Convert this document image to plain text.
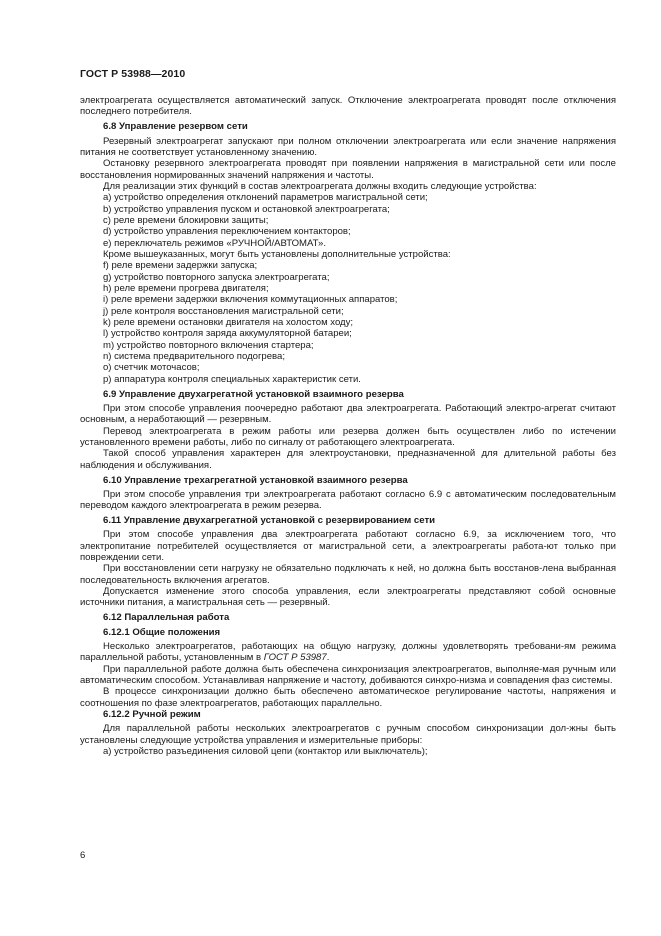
ГОСТ Р 53988—2010

электроагрегата осуществляется автоматический запуск. Отключение электроагрегата проводят после отключения последнего потребителя.

6.8 Управление резервом сети

Резервный электроагрегат запускают при полном отключении электроагрегата или если значение напряжения питания не соответствует установленному значению.

Остановку резервного электроагрегата проводят при появлении напряжения в магистральной сети или после восстановления нормированных значений напряжения и частоты.

Для реализации этих функций в состав электроагрегата должны входить следующие устройства:

a) устройство определения отклонений параметров магистральной сети;

b) устройство управления пуском и остановкой электроагрегата;

c) реле времени блокировки защиты;

d) устройство управления переключением контакторов;

e) переключатель режимов «РУЧНОЙ/АВТОМАТ».

Кроме вышеуказанных, могут быть установлены дополнительные устройства:

f) реле времени задержки запуска;

g) устройство повторного запуска электроагрегата;

h) реле времени прогрева двигателя;

i) реле времени задержки включения коммутационных аппаратов;

j) реле контроля восстановления магистральной сети;

k) реле времени остановки двигателя на холостом ходу;

l) устройство контроля заряда аккумуляторной батареи;

m) устройство повторного включения стартера;

n) система предварительного подогрева;

o) счетчик моточасов;

p) аппаратура контроля специальных характеристик сети.

6.9 Управление двухагрегатной установкой взаимного резерва

При этом способе управления поочередно работают два электроагрегата. Работающий электро-агрегат считают основным, а неработающий — резервным.

Перевод электроагрегата в режим работы или резерва должен быть осуществлен либо по истечении установленного времени работы, либо по сигналу от работающего электроагрегата.

Такой способ управления характерен для электроустановки, предназначенной для длительной работы без наблюдения и обслуживания.

6.10 Управление трехагрегатной установкой взаимного резерва

При этом способе управления три электроагрегата работают согласно 6.9 с автоматическим последовательным переводом каждого электроагрегата в режим резерва.

6.11 Управление двухагрегатной установкой с резервированием сети

При этом способе управления два электроагрегата работают согласно 6.9, за исключением того, что электропитание потребителей осуществляется от магистральной сети, а электроагрегаты работа-ют только при повреждении сети.

При восстановлении сети нагрузку не обязательно подключать к ней, но должна быть восстанов-лена выбранная последовательность включения агрегатов.

Допускается изменение этого способа управления, если электроагрегаты представляют собой основные источники питания, а магистральная сеть — резервный.

6.12 Параллельная работа
6.12.1 Общие положения

Несколько электроагрегатов, работающих на общую нагрузку, должны удовлетворять требовани-ям режима параллельной работы, установленным в ГОСТ Р 53987.

При параллельной работе должна быть обеспечена синхронизация электроагрегатов, выполняе-мая ручным или автоматическим способом. Устанавливая напряжение и частоту, добиваются синхро-низма и совпадения фаз системы.

В процессе синхронизации должно быть обеспечено автоматическое регулирование частоты, напряжения и соотношения по фазе электроагрегатов, работающих параллельно.

6.12.2 Ручной режим

Для параллельной работы нескольких электроагрегатов с ручным способом синхронизации дол-жны быть установлены следующие устройства управления и измерительные приборы:

a) устройство разъединения силовой цепи (контактор или выключатель);

6
